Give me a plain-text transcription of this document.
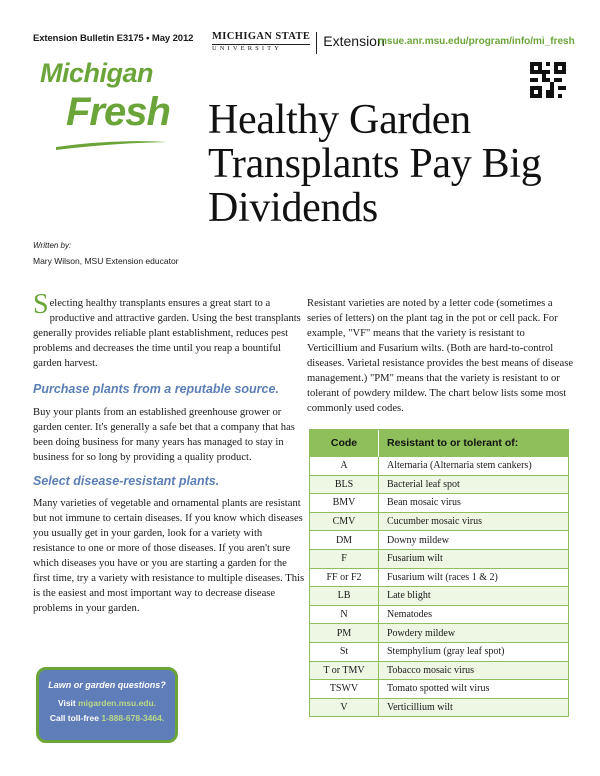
Extension Bulletin E3175 • May 2012 MICHIGAN STATE
UNIVERSITY	Extension
msue.anr.msu.edu/program/info/mi_fresh
Michigan
Fresh Healthy Garden Transplants Pay Big Dividends
Written by:
Mary Wilson, MSU Extension educator
Selecting healthy transplants ensures a great start to a productive and attractive garden. Using the best transplants generally provides reliable plant establishment, reduces pest problems and decreases the time until you reap a bountiful garden harvest.
Purchase plants from a reputable source.
Buy your plants from an established greenhouse grower or garden center. It's generally a safe bet that a company that has been doing business for many years has managed to stay in business for so long by providing a quality product.
Select disease-resistant plants.
Many varieties of vegetable and ornamental plants are resistant but not immune to certain diseases. If you know which diseases you usually get in your garden, look for a variety with resistance to one or more of those diseases. If you aren't sure which diseases you have or you are starting a garden for the first time, try a variety with resistance to multiple diseases. This is the easiest and most important way to decrease disease problems in your garden.
Resistant varieties are noted by a letter code (sometimes a series of letters) on the plant tag in the pot or cell pack. For example, "VF" means that the variety is resistant to Verticillium and Fusarium wilts. (Both are hard-to-control diseases. Varietal resistance provides the best means of disease management.) "PM" means that the variety is resistant to or tolerant of powdery mildew. The chart below lists some most commonly used codes.
Lawn or garden questions?
Visit migarden.msu.edu.
Call toll-free 1-888-678-3464.
Code	Resistant to or tolerant of:
A	Alternaria (Alternaria stem cankers)
BLS	Bacterial leaf spot
BMV	Bean mosaic virus
CMV	Cucumber mosaic virus
DM	Downy mildew
F	Fusarium wilt
FF or F2	Fusarium wilt (races 1 & 2)
LB	Late blight
N	Nematodes
PM	Powdery mildew
St	Stemphylium (gray leaf spot)
T or TMV	Tobacco mosaic virus
TSWV	Tomato spotted wilt virus
V	Verticillium wilt
